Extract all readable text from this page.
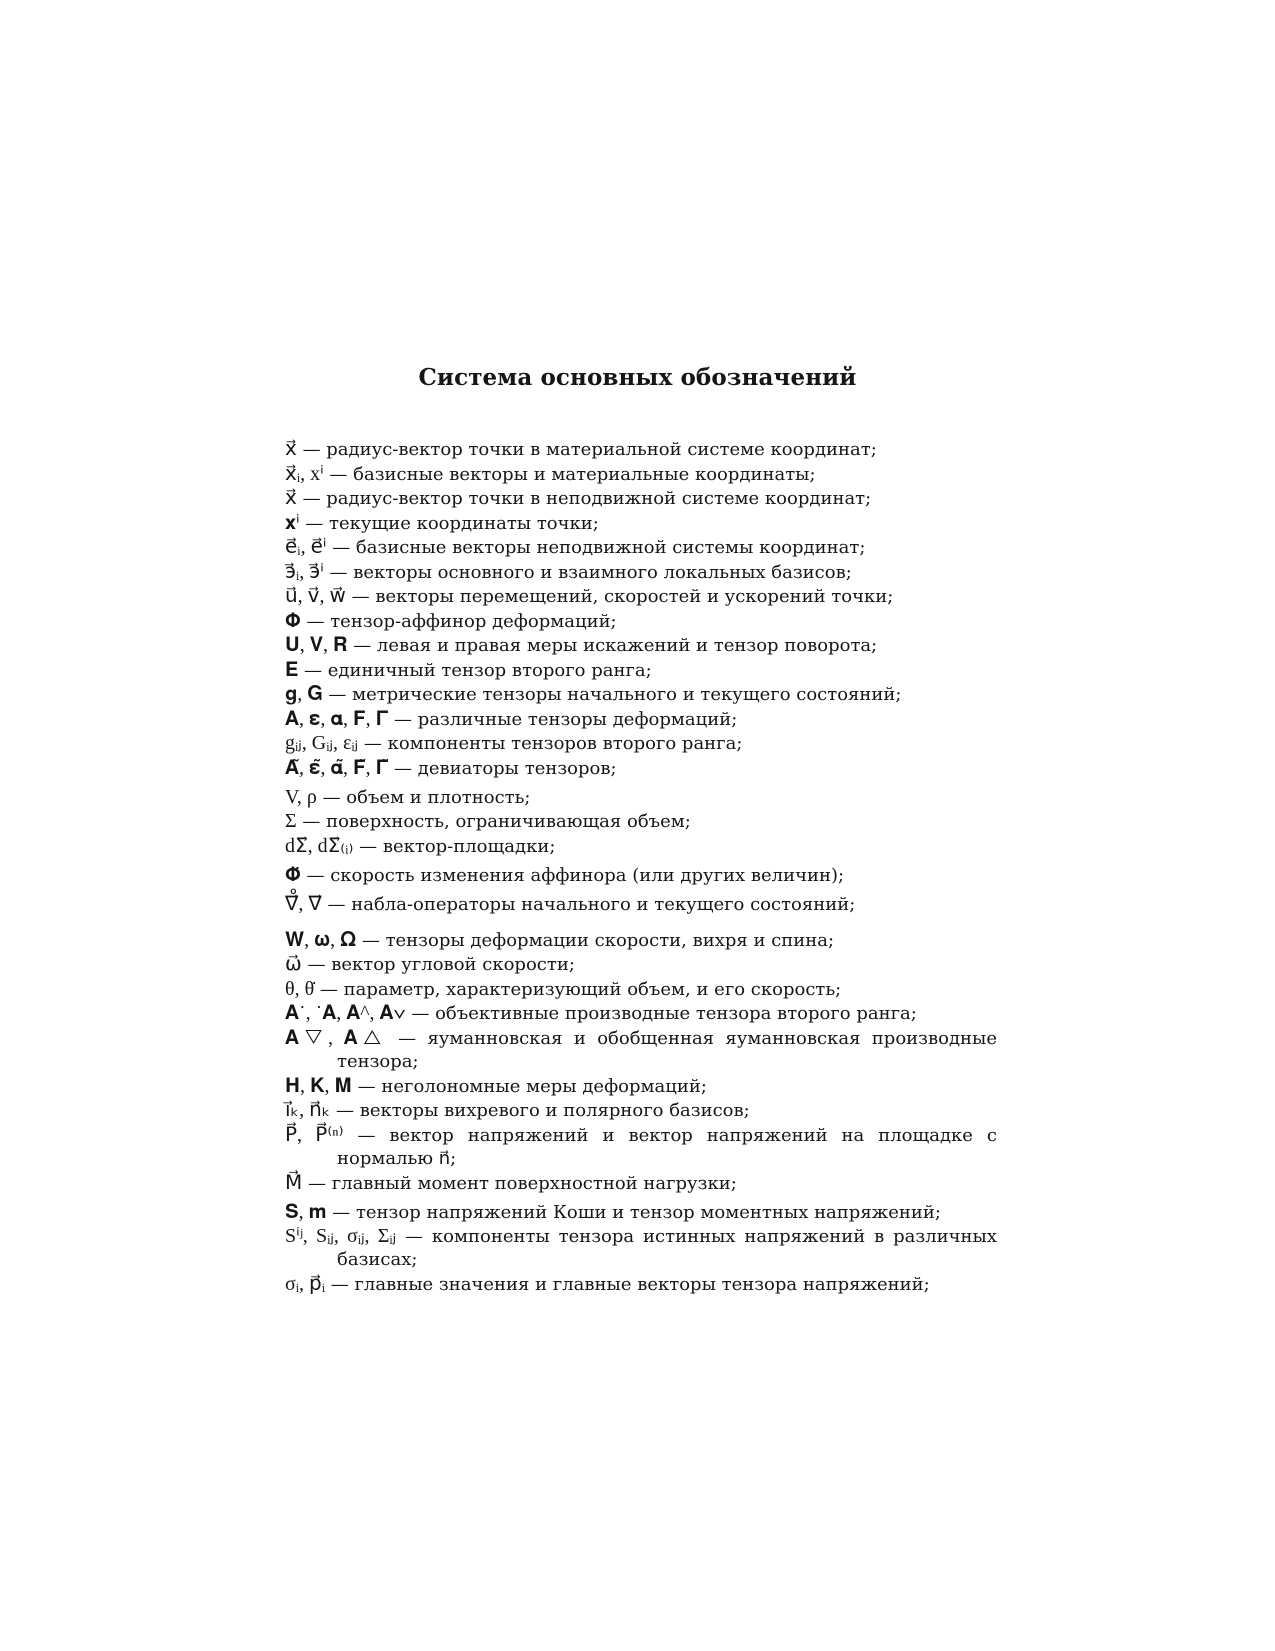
Система основных обозначений
x⃗ — радиус-вектор точки в материальной системе координат;
x⃗ᵢ, xⁱ — базисные векторы и материальные координаты;
x⃗ — радиус-вектор точки в неподвижной системе координат;
𝐱ⁱ — текущие координаты точки;
e⃗ᵢ, e⃗ⁱ — базисные векторы неподвижной системы координат;
э⃗ᵢ, э⃗ⁱ — векторы основного и взаимного локальных базисов;
u⃗, v⃗, w⃗ — векторы перемещений, скоростей и ускорений точки;
𝚽 — тензор-аффинор деформаций;
𝐔, 𝐕, 𝐑 — левая и правая меры искажений и тензор поворота;
𝐄 — единичный тензор второго ранга;
𝐠, 𝐆 — метрические тензоры начального и текущего состояний;
𝐀, 𝛆, 𝛂, 𝐅, 𝚪 — различные тензоры деформаций;
gᵢⱼ, Gᵢⱼ, εᵢⱼ — компоненты тензоров второго ранга;
𝐀̃, 𝛆̃, 𝛂̃, 𝐅̃, 𝚪̃ — девиаторы тензоров;
V, ρ — объем и плотность;
Σ — поверхность, ограничивающая объем;
dΣ⃗, dΣ⃗₍ᵢ₎ — вектор-площадки;
𝚽̇ — скорость изменения аффинора (или других величин);
∇⃗̊, ∇⃗ — набла-операторы начального и текущего состояний;
𝐖, 𝛚, 𝛀 — тензоры деформации скорости, вихря и спина;
ω⃗ — вектор угловой скорости;
θ, θ̇ — параметр, характеризующий объем, и его скорость;
𝐀˙, ˙𝐀, 𝐀^, 𝐀∨ — объективные производные тензора второго ранга;
𝐀▽, 𝐀△ — яуманновская и обобщенная яуманновская производные тензора;
𝐇, 𝐊, 𝐌 — неголономные меры деформаций;
i⃗ₖ, n⃗ₖ — векторы вихревого и полярного базисов;
P⃗, P⃗⁽ⁿ⁾ — вектор напряжений и вектор напряжений на площадке с нормалью n⃗;
M⃗ — главный момент поверхностной нагрузки;
𝐒, 𝐦 — тензор напряжений Коши и тензор моментных напряжений;
Sⁱʲ, Sᵢⱼ, σᵢⱼ, Σᵢⱼ — компоненты тензора истинных напряжений в различных базисах;
σᵢ, p⃗ᵢ — главные значения и главные векторы тензора напряжений;
